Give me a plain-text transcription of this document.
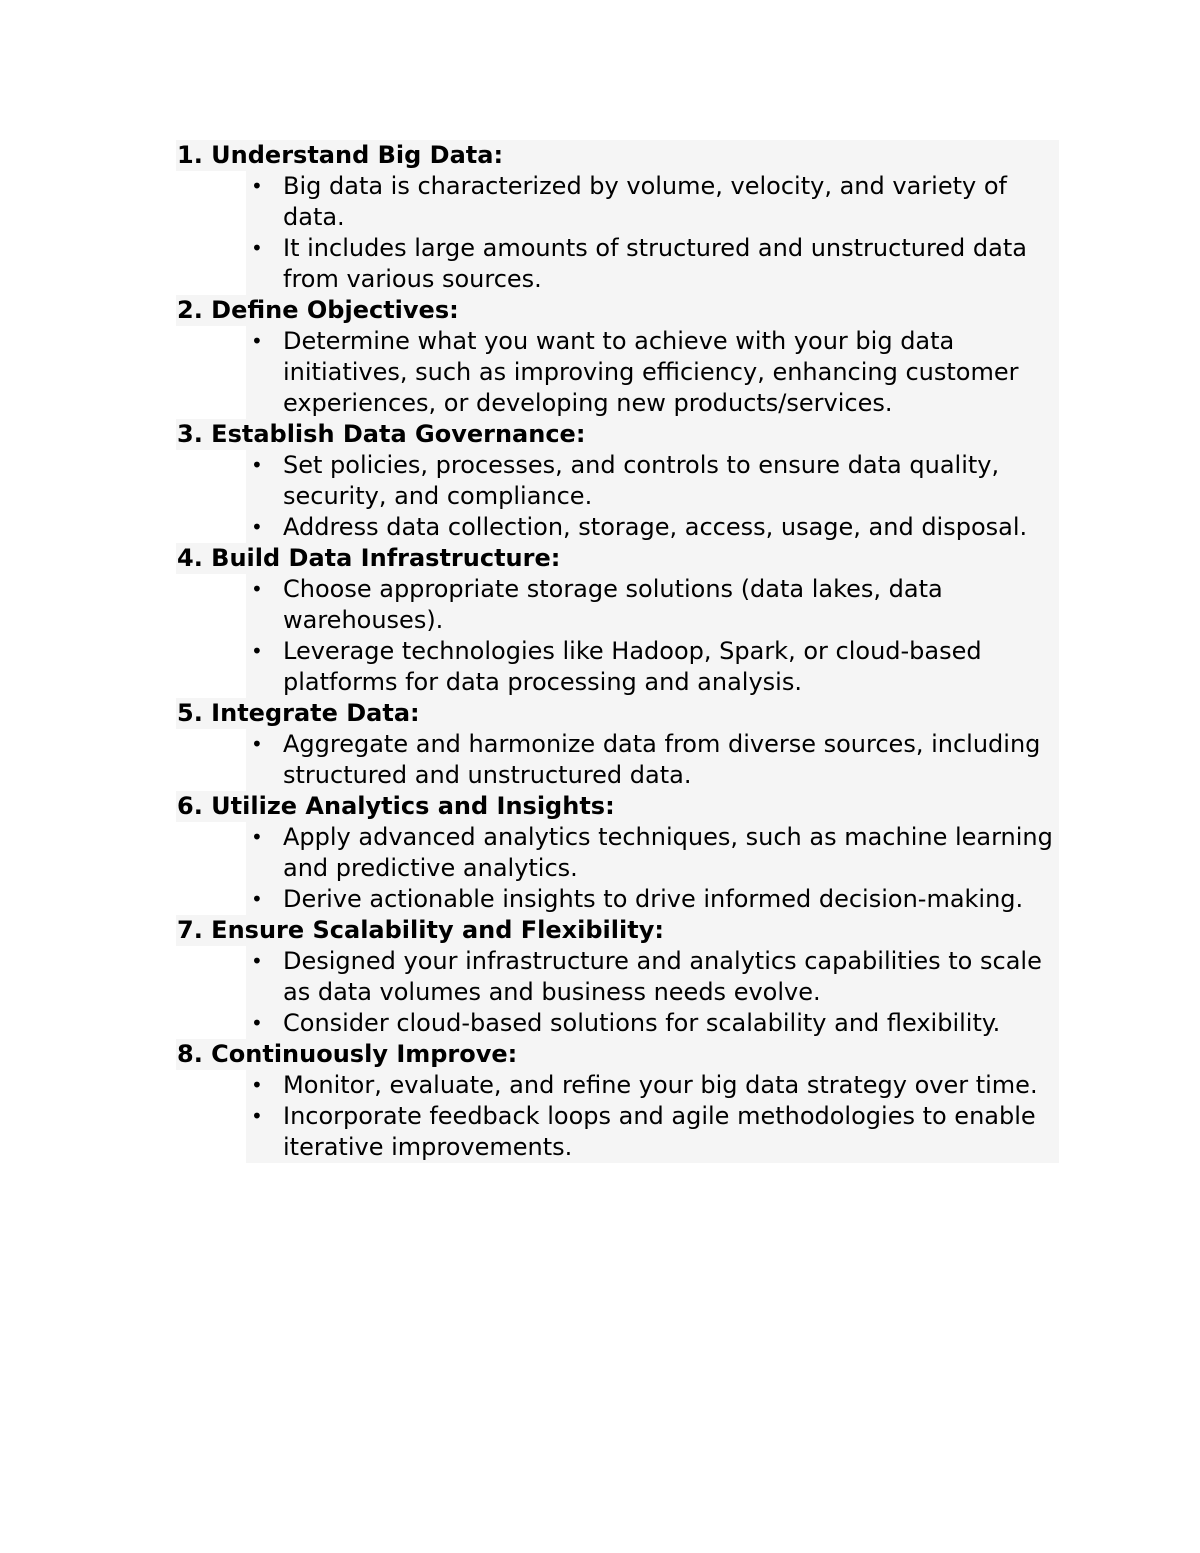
1. Understand Big Data:
• Big data is characterized by volume, velocity, and variety of data.
• It includes large amounts of structured and unstructured data from various sources.
2. Define Objectives:
• Determine what you want to achieve with your big data initiatives, such as improving efficiency, enhancing customer experiences, or developing new products/services.
3. Establish Data Governance:
• Set policies, processes, and controls to ensure data quality, security, and compliance.
• Address data collection, storage, access, usage, and disposal.
4. Build Data Infrastructure:
• Choose appropriate storage solutions (data lakes, data warehouses).
• Leverage technologies like Hadoop, Spark, or cloud-based platforms for data processing and analysis.
5. Integrate Data:
• Aggregate and harmonize data from diverse sources, including structured and unstructured data.
6. Utilize Analytics and Insights:
• Apply advanced analytics techniques, such as machine learning and predictive analytics.
• Derive actionable insights to drive informed decision-making.
7. Ensure Scalability and Flexibility:
• Designed your infrastructure and analytics capabilities to scale as data volumes and business needs evolve.
• Consider cloud-based solutions for scalability and flexibility.
8. Continuously Improve:
• Monitor, evaluate, and refine your big data strategy over time.
• Incorporate feedback loops and agile methodologies to enable iterative improvements.
